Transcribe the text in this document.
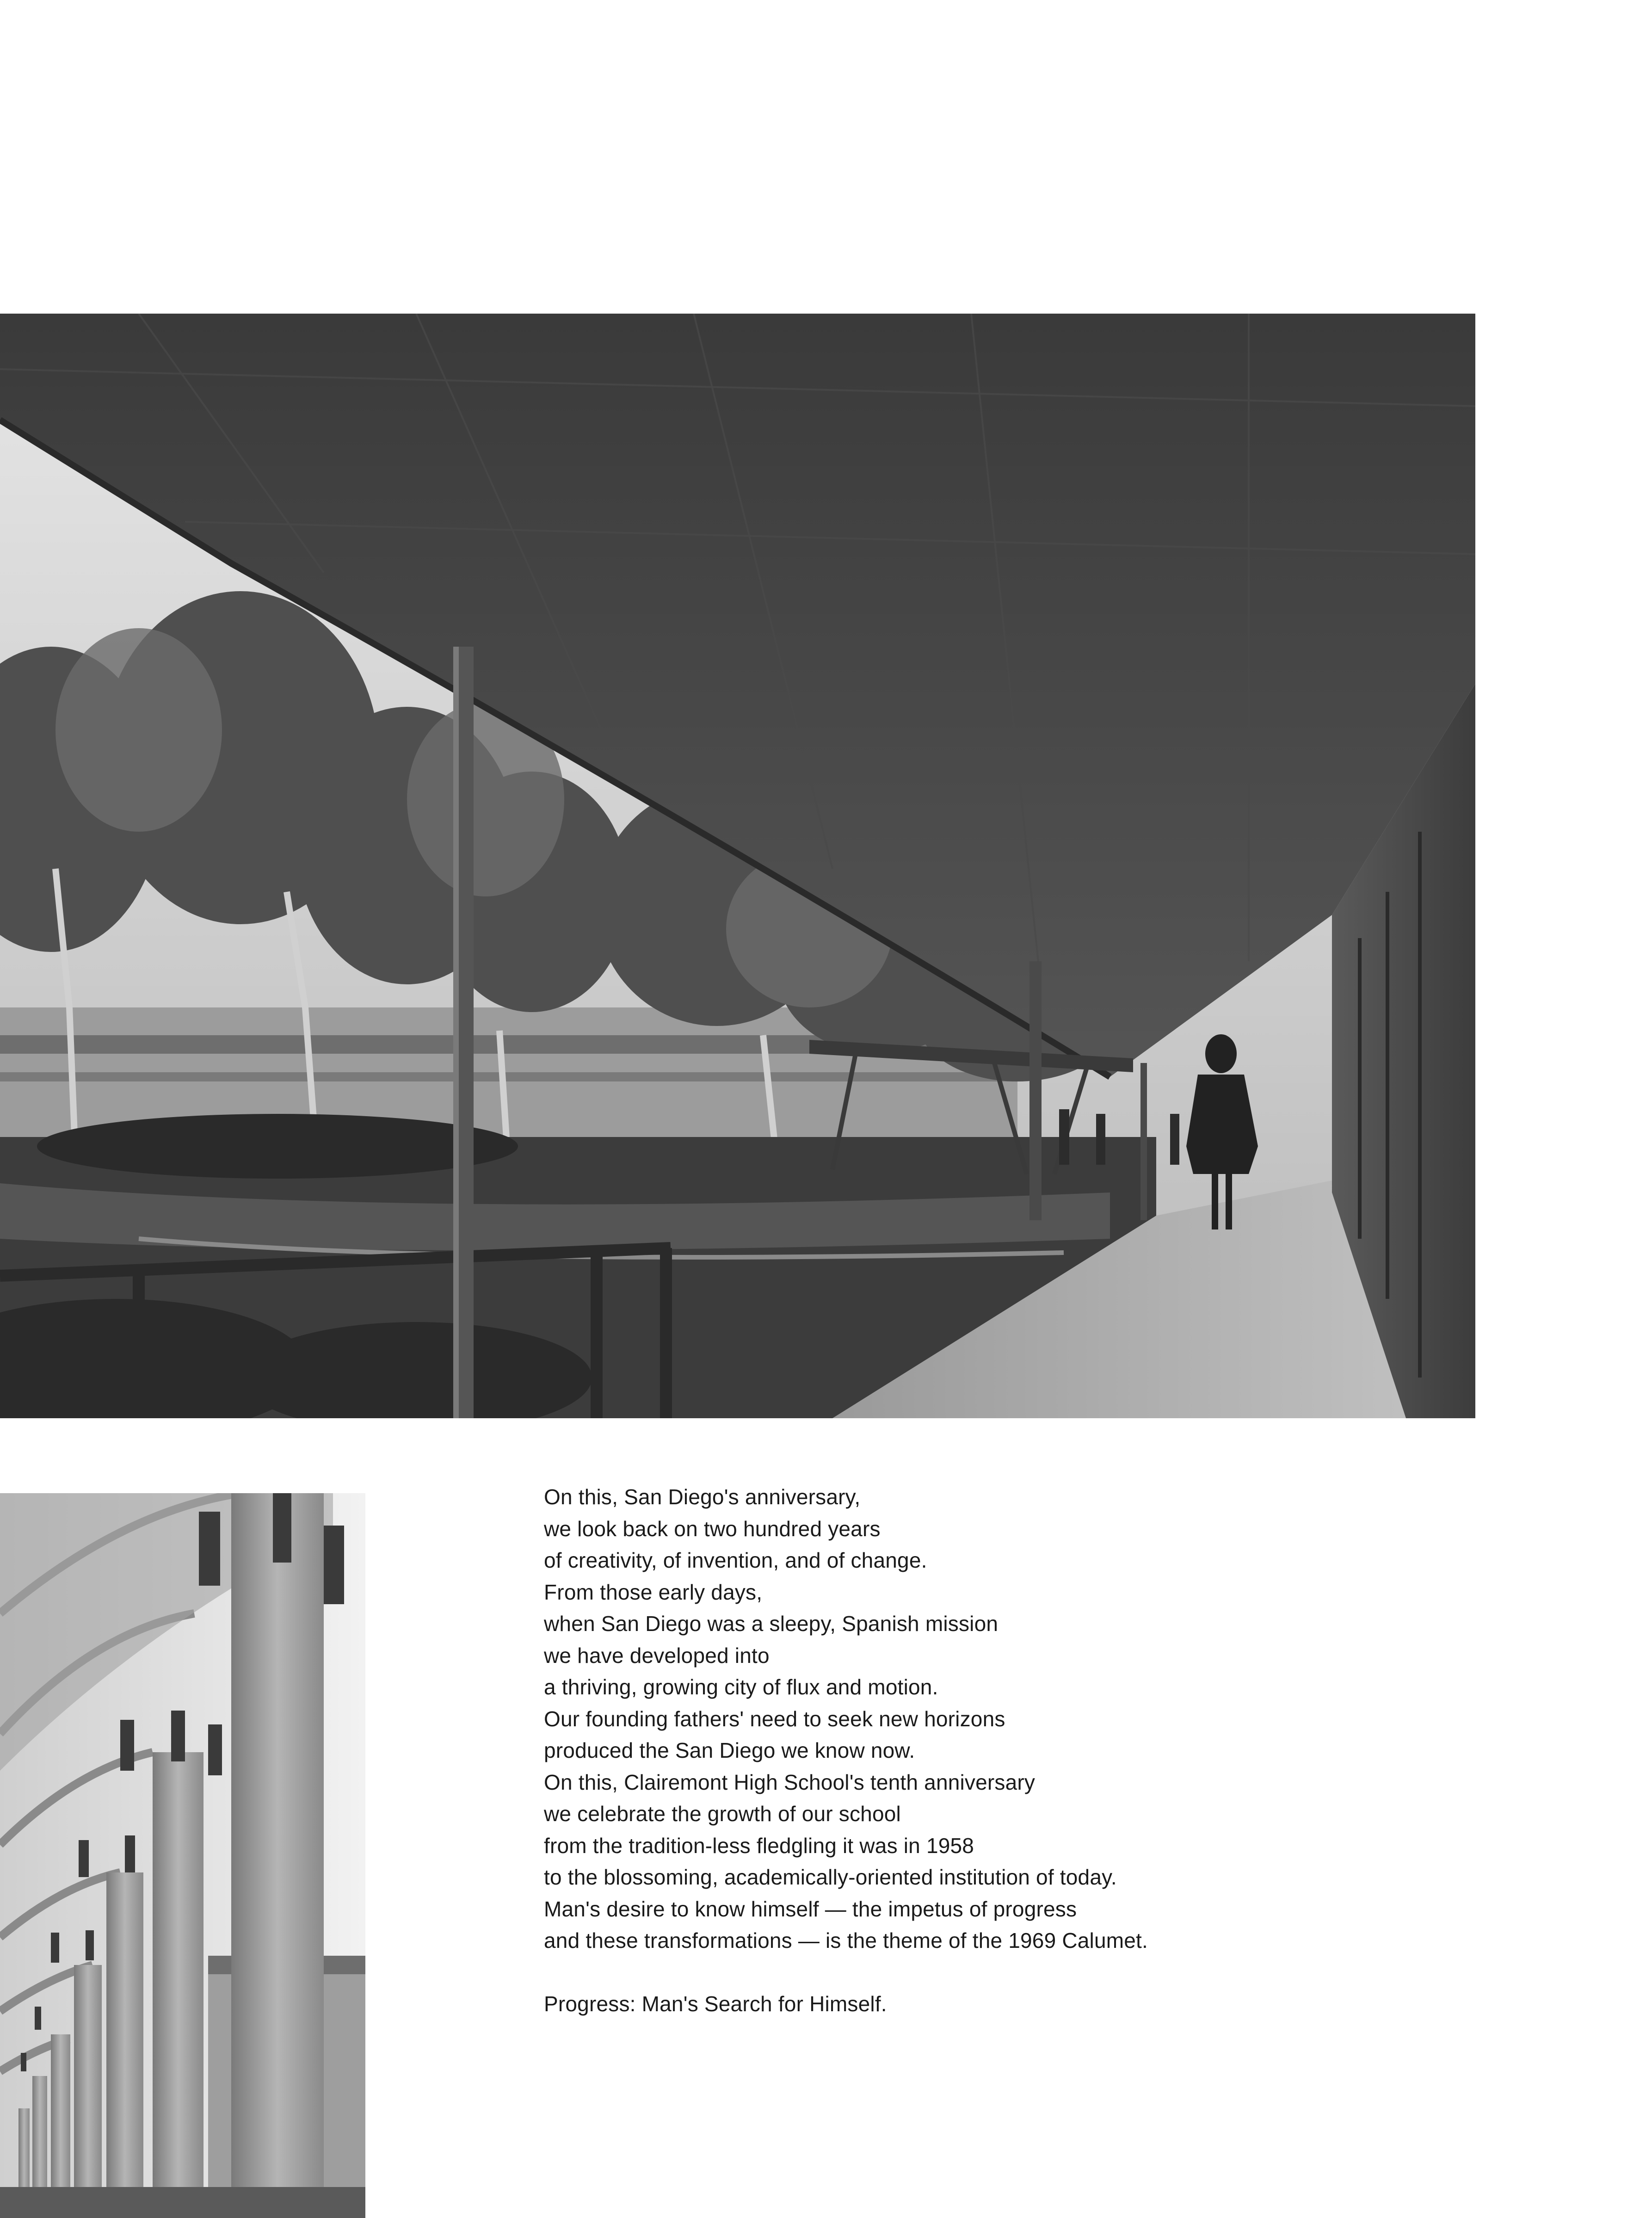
On this, San Diego's anniversary,
we look back on two hundred years
of creativity, of invention, and of change.
From those early days,
when San Diego was a sleepy, Spanish mission
we have developed into
a thriving, growing city of flux and motion.
Our founding fathers' need to seek new horizons
produced the San Diego we know now.
On this, Clairemont High School's tenth anniversary
we celebrate the growth of our school
from the tradition-less fledgling it was in 1958
to the blossoming, academically-oriented institution of today.
Man's desire to know himself — the impetus of progress
and these transformations — is the theme of the 1969 Calumet.
Progress: Man's Search for Himself.
